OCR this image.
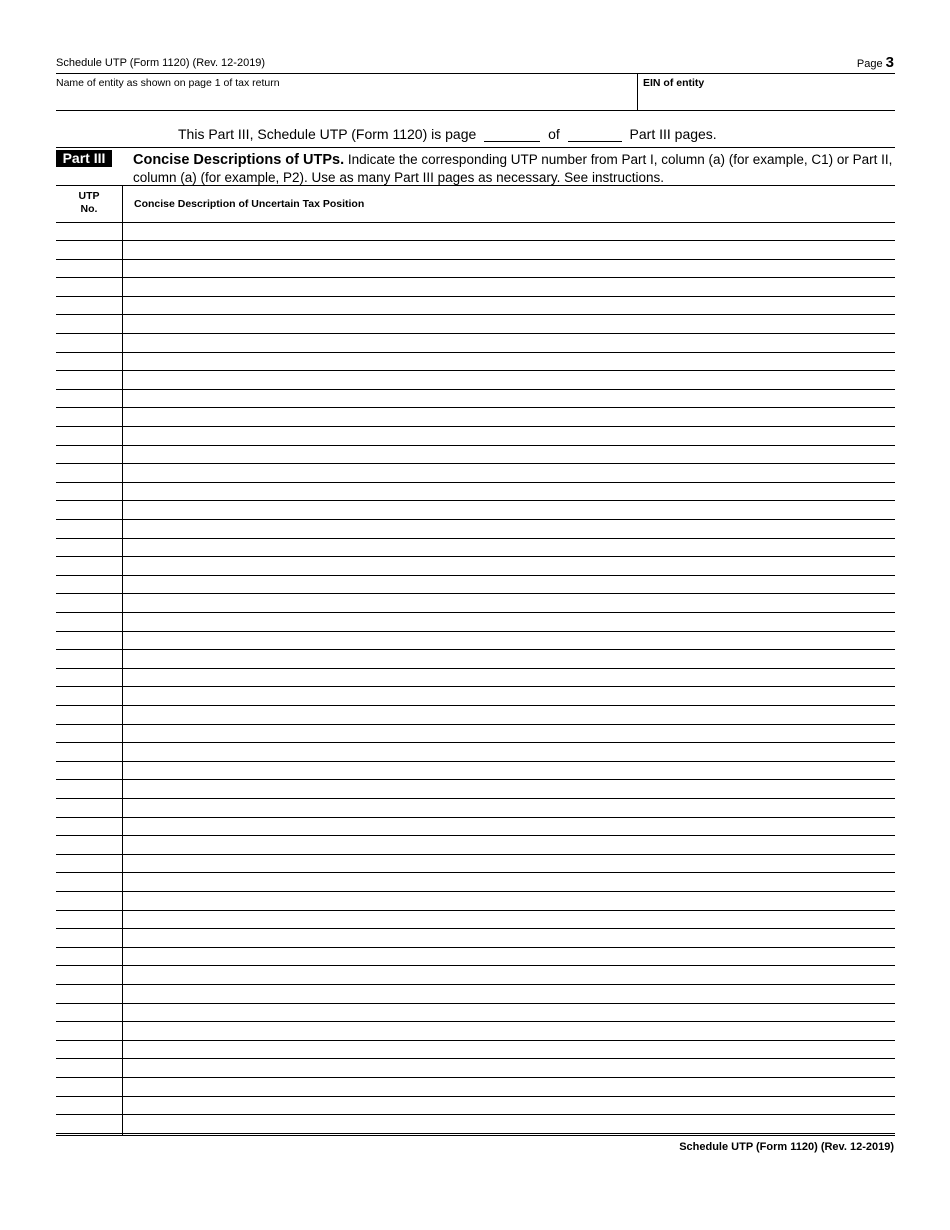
Schedule UTP (Form 1120) (Rev. 12-2019)	Page 3
Name of entity as shown on page 1 of tax return	EIN of entity
This Part III, Schedule UTP (Form 1120) is page	of	Part III pages.
Part III	Concise Descriptions of UTPs. Indicate the corresponding UTP number from Part I, column (a) (for example, C1) or Part II, column (a) (for example, P2). Use as many Part III pages as necessary. See instructions.
UTP
No.	Concise Description of Uncertain Tax Position
Schedule UTP (Form 1120) (Rev. 12-2019)
